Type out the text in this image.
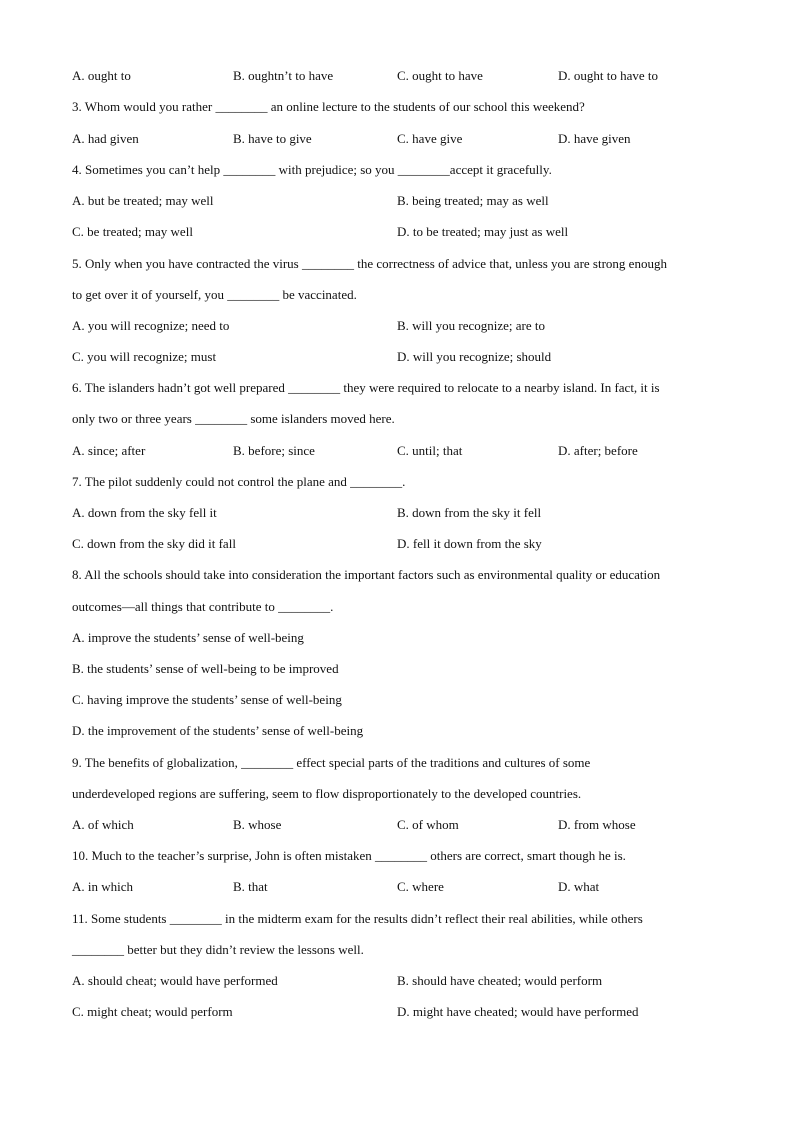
A. ought to	B. oughtn’t to have	C. ought to have	D. ought to have to
3. Whom would you rather ________ an online lecture to the students of our school this weekend?
A. had given	B. have to give	C. have give	D. have given
4. Sometimes you can’t help ________ with prejudice; so you ________accept it gracefully.
A. but be treated; may well	B. being treated; may as well
C. be treated; may well	D. to be treated; may just as well
5. Only when you have contracted the virus ________ the correctness of advice that, unless you are strong enough
to get over it of yourself, you ________ be vaccinated.
A. you will recognize; need to	B. will you recognize; are to
C. you will recognize; must	D. will you recognize; should
6. The islanders hadn’t got well prepared ________ they were required to relocate to a nearby island. In fact, it is
only two or three years ________ some islanders moved here.
A. since; after	B. before; since	C. until; that	D. after; before
7. The pilot suddenly could not control the plane and ________.
A. down from the sky fell it	B. down from the sky it fell
C. down from the sky did it fall	D. fell it down from the sky
8. All the schools should take into consideration the important factors such as environmental quality or education
outcomes—all things that contribute to ________.
A. improve the students’ sense of well-being
B. the students’ sense of well-being to be improved
C. having improve the students’ sense of well-being
D. the improvement of the students’ sense of well-being
9. The benefits of globalization, ________ effect special parts of the traditions and cultures of some
underdeveloped regions are suffering, seem to flow disproportionately to the developed countries.
A. of which	B. whose	C. of whom	D. from whose
10. Much to the teacher’s surprise, John is often mistaken ________ others are correct, smart though he is.
A. in which	B. that	C. where	D. what
11. Some students ________ in the midterm exam for the results didn’t reflect their real abilities, while others
________ better but they didn’t review the lessons well.
A. should cheat; would have performed	B. should have cheated; would perform
C. might cheat; would perform	D. might have cheated; would have performed
